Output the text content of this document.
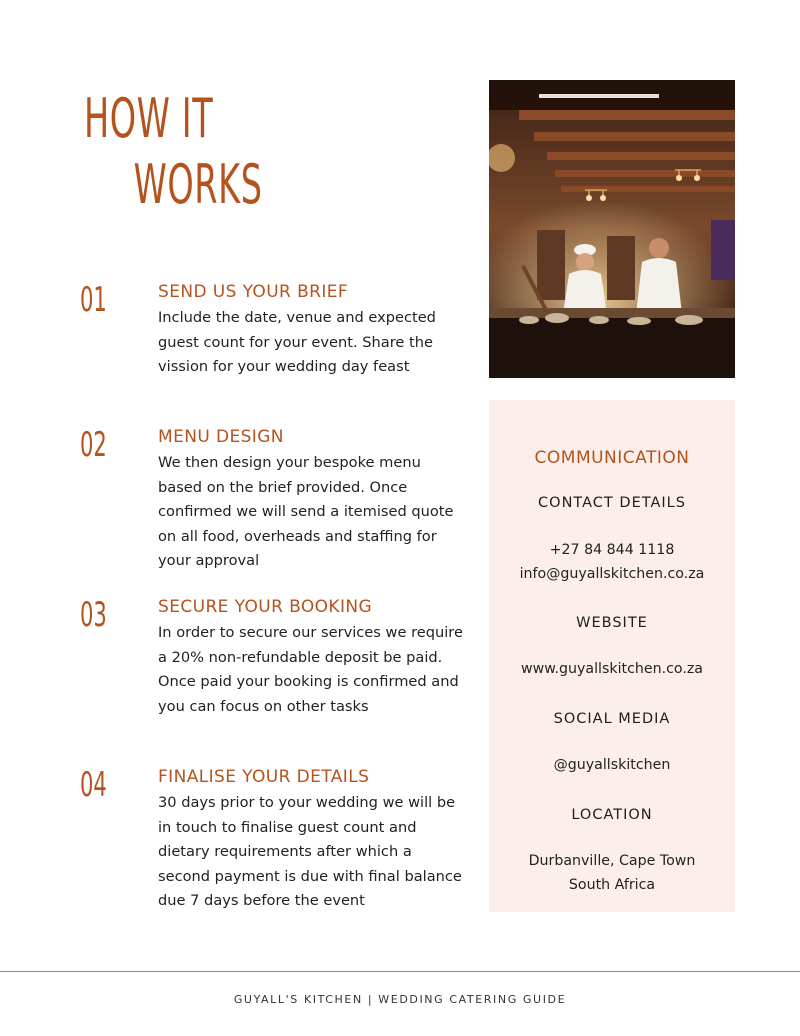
HOW IT
WORKS
01	SEND US YOUR BRIEF
Include the date, venue and expected guest count for your event. Share the vission for your wedding day feast
02	MENU DESIGN
We then design your bespoke menu based on the brief provided. Once confirmed we will send a itemised quote on all food, overheads and staffing for your approval
03	SECURE YOUR BOOKING
In order to secure our services we require a 20% non-refundable deposit be paid. Once paid your booking is confirmed and you can focus on other tasks
04	FINALISE YOUR DETAILS
30 days prior to your wedding we will be in touch to finalise guest count and dietary requirements after which a second payment is due with final balance due 7 days before the event
COMMUNICATION
CONTACT DETAILS
+27 84 844 1118
info@guyallskitchen.co.za
WEBSITE
www.guyallskitchen.co.za
SOCIAL MEDIA
@guyallskitchen
LOCATION
Durbanville, Cape Town
South Africa
GUYALL'S KITCHEN | WEDDING CATERING GUIDE
